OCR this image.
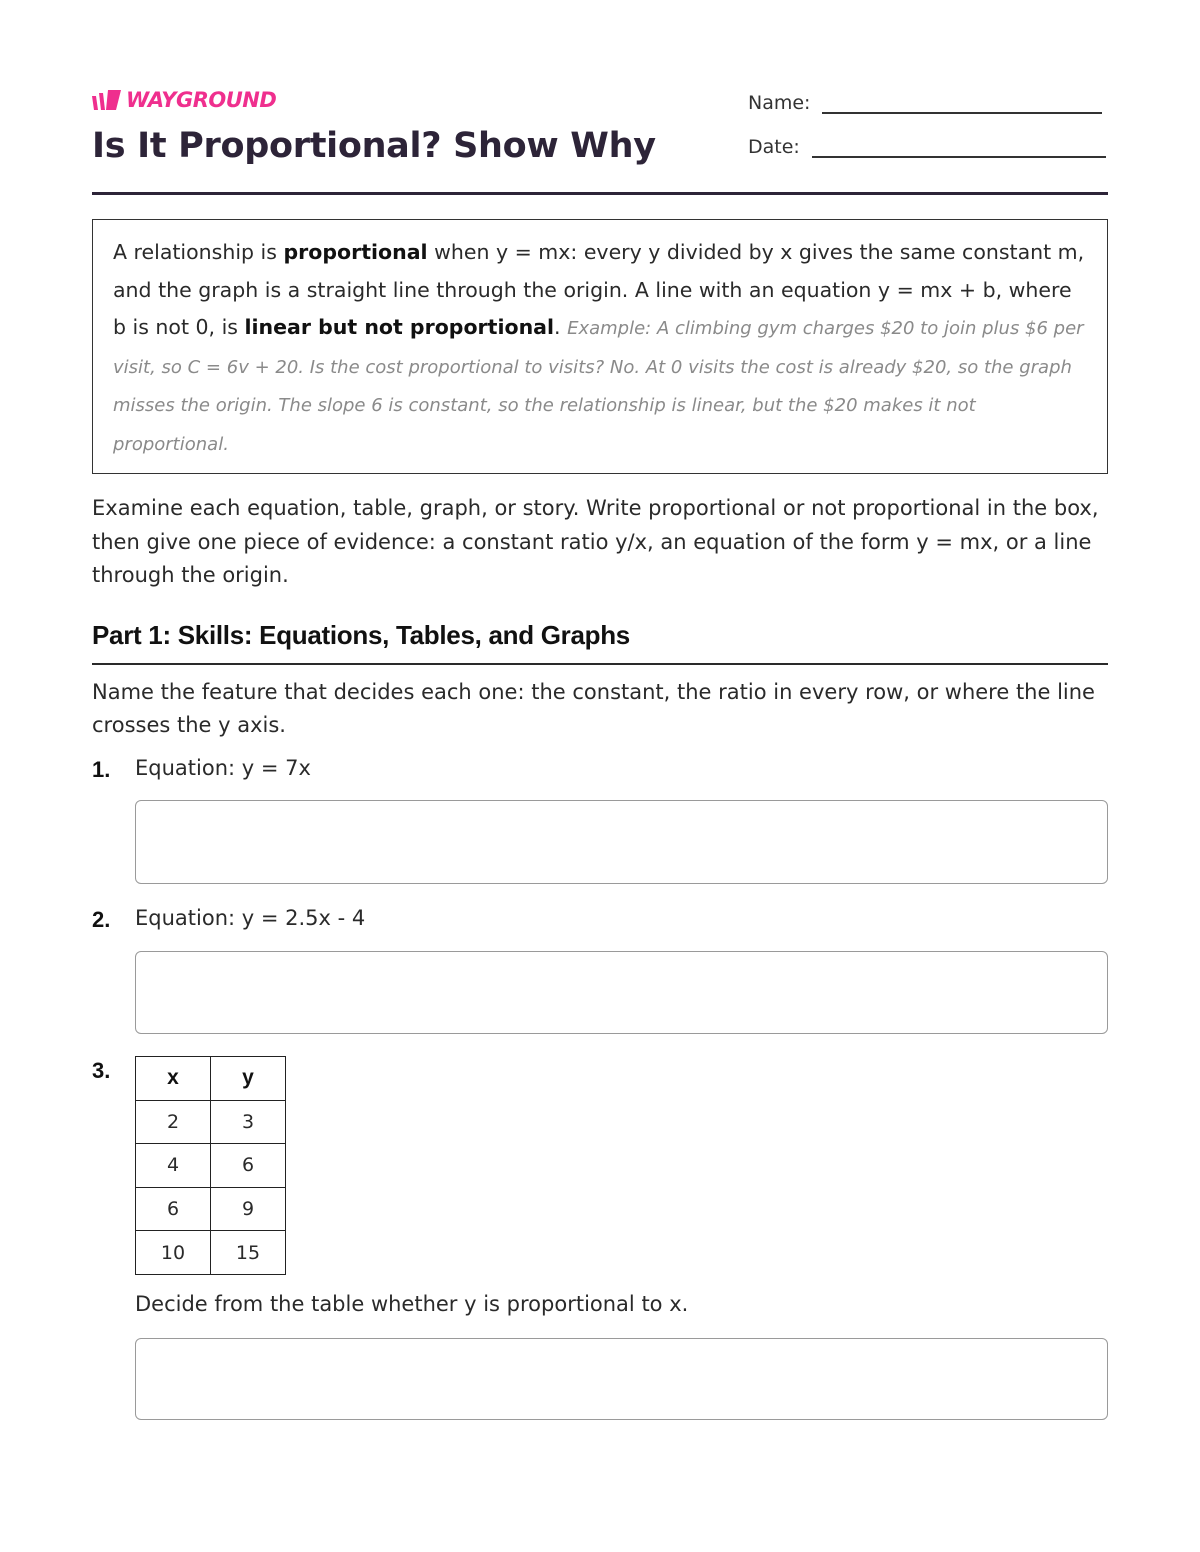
WAYGROUND
Is It Proportional? Show Why
Name:
Date:
A relationship is proportional when y = mx: every y divided by x gives the same constant m, and the graph is a straight line through the origin. A line with an equation y = mx + b, where b is not 0, is linear but not proportional. Example: A climbing gym charges $20 to join plus $6 per visit, so C = 6v + 20. Is the cost proportional to visits? No. At 0 visits the cost is already $20, so the graph misses the origin. The slope 6 is constant, so the relationship is linear, but the $20 makes it not proportional.
Examine each equation, table, graph, or story. Write proportional or not proportional in the box, then give one piece of evidence: a constant ratio y/x, an equation of the form y = mx, or a line through the origin.
Part 1: Skills: Equations, Tables, and Graphs
Name the feature that decides each one: the constant, the ratio in every row, or where the line crosses the y axis.
1. Equation: y = 7x
2. Equation: y = 2.5x - 4
3.	x	y
2	3
4	6
6	9
10	15
Decide from the table whether y is proportional to x.
